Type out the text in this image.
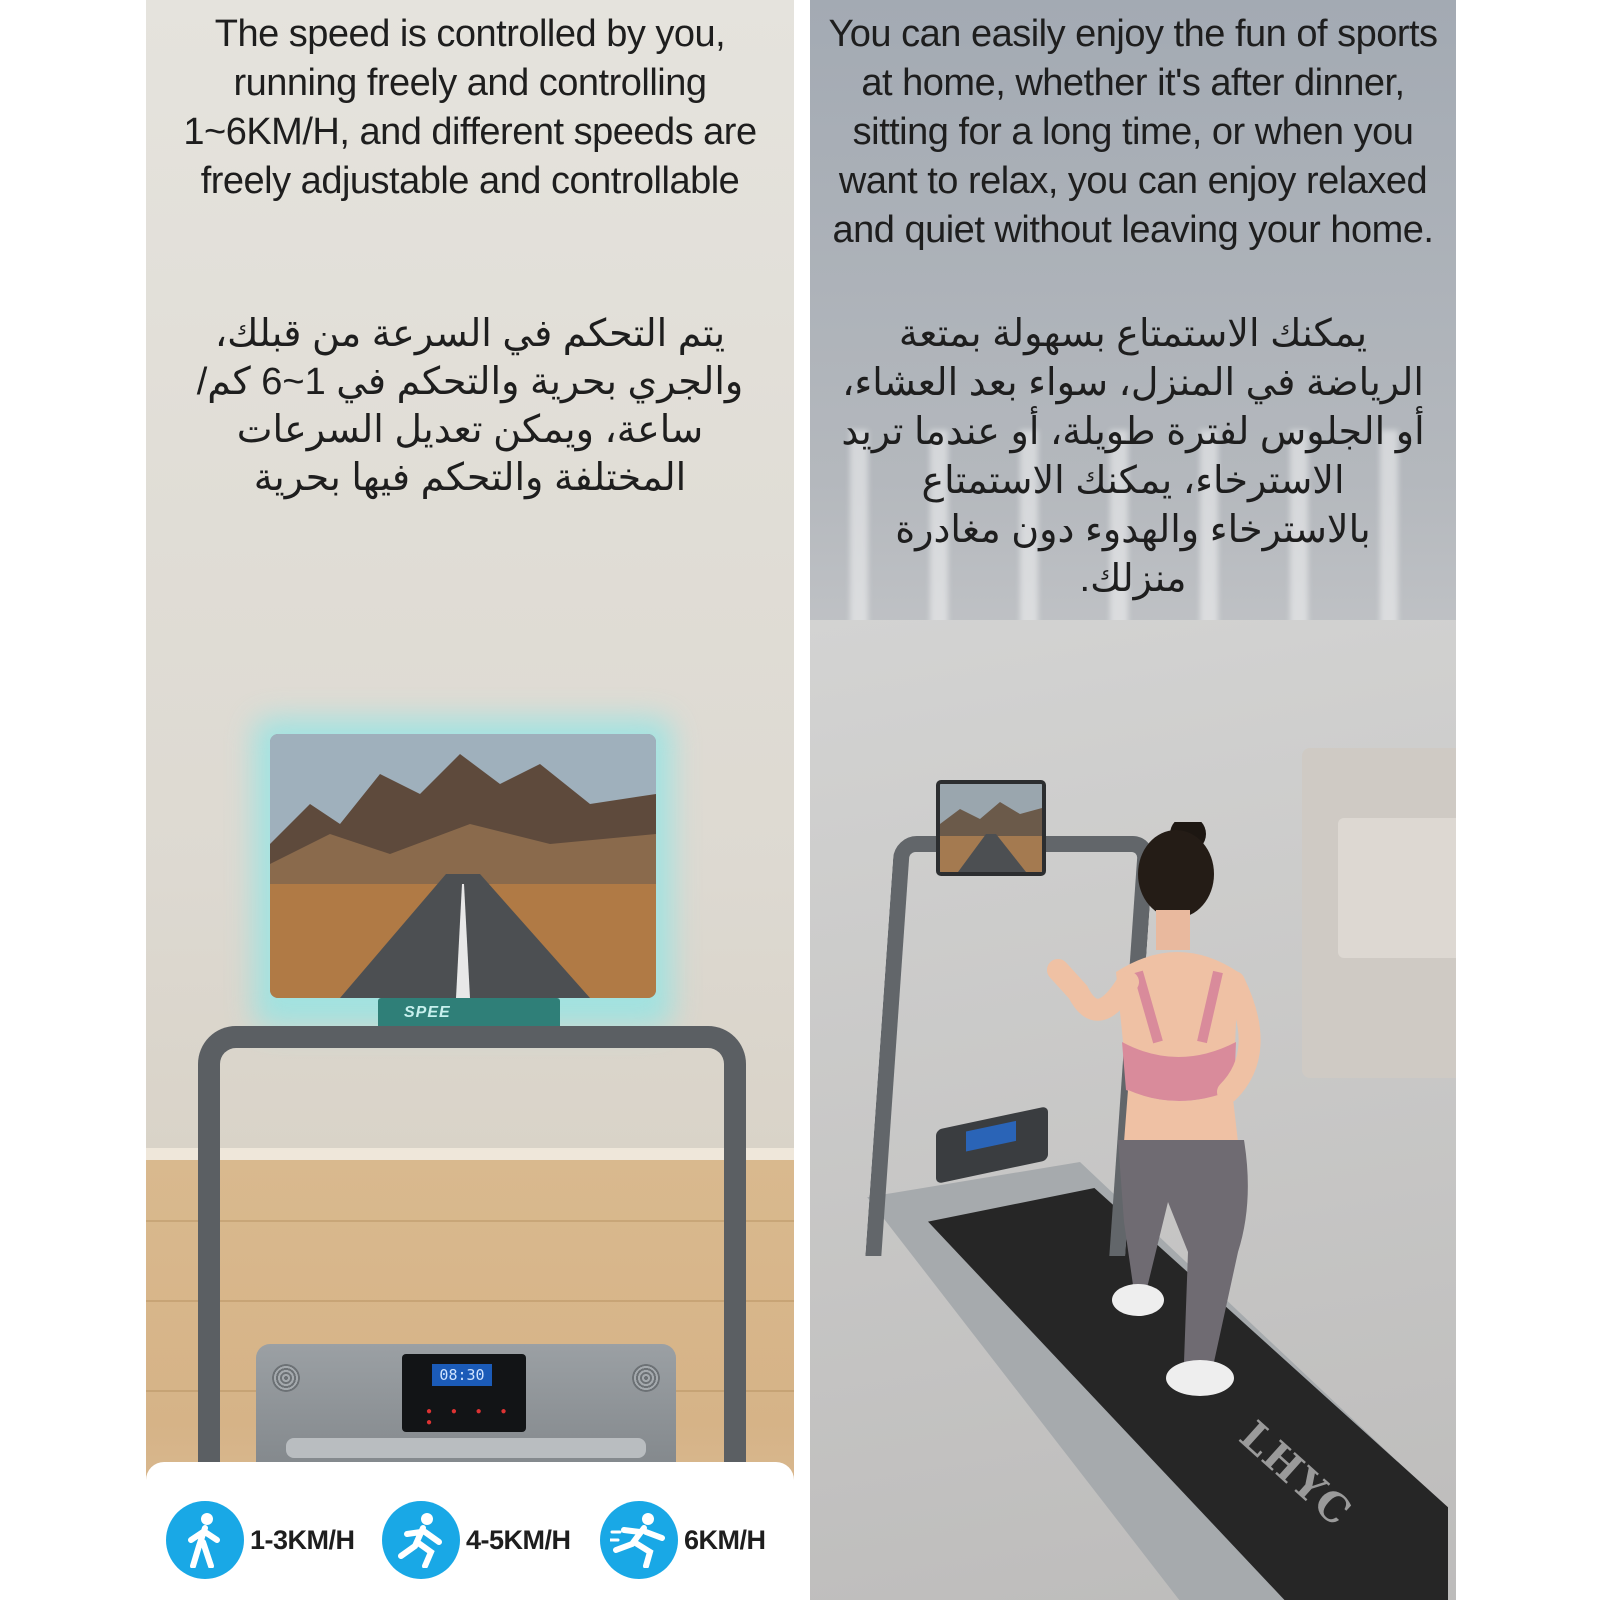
The speed is controlled by you, running freely and controlling 1~6KM/H, and different speeds are freely adjustable and controllable
يتم التحكم في السرعة من قبلك، والجري بحرية والتحكم في 1~6 كم/ساعة، ويمكن تعديل السرعات المختلفة والتحكم فيها بحرية
SPEE
08:30
● ● ● ● ●
1-3KM/H	4-5KM/H	6KM/H
You can easily enjoy the fun of sports at home, whether it's after dinner, sitting for a long time, or when you want to relax, you can enjoy relaxed and quiet without leaving your home.
يمكنك الاستمتاع بسهولة بمتعة الرياضة في المنزل، سواء بعد العشاء، أو الجلوس لفترة طويلة، أو عندما تريد الاسترخاء، يمكنك الاستمتاع بالاسترخاء والهدوء دون مغادرة منزلك.
LHYC
